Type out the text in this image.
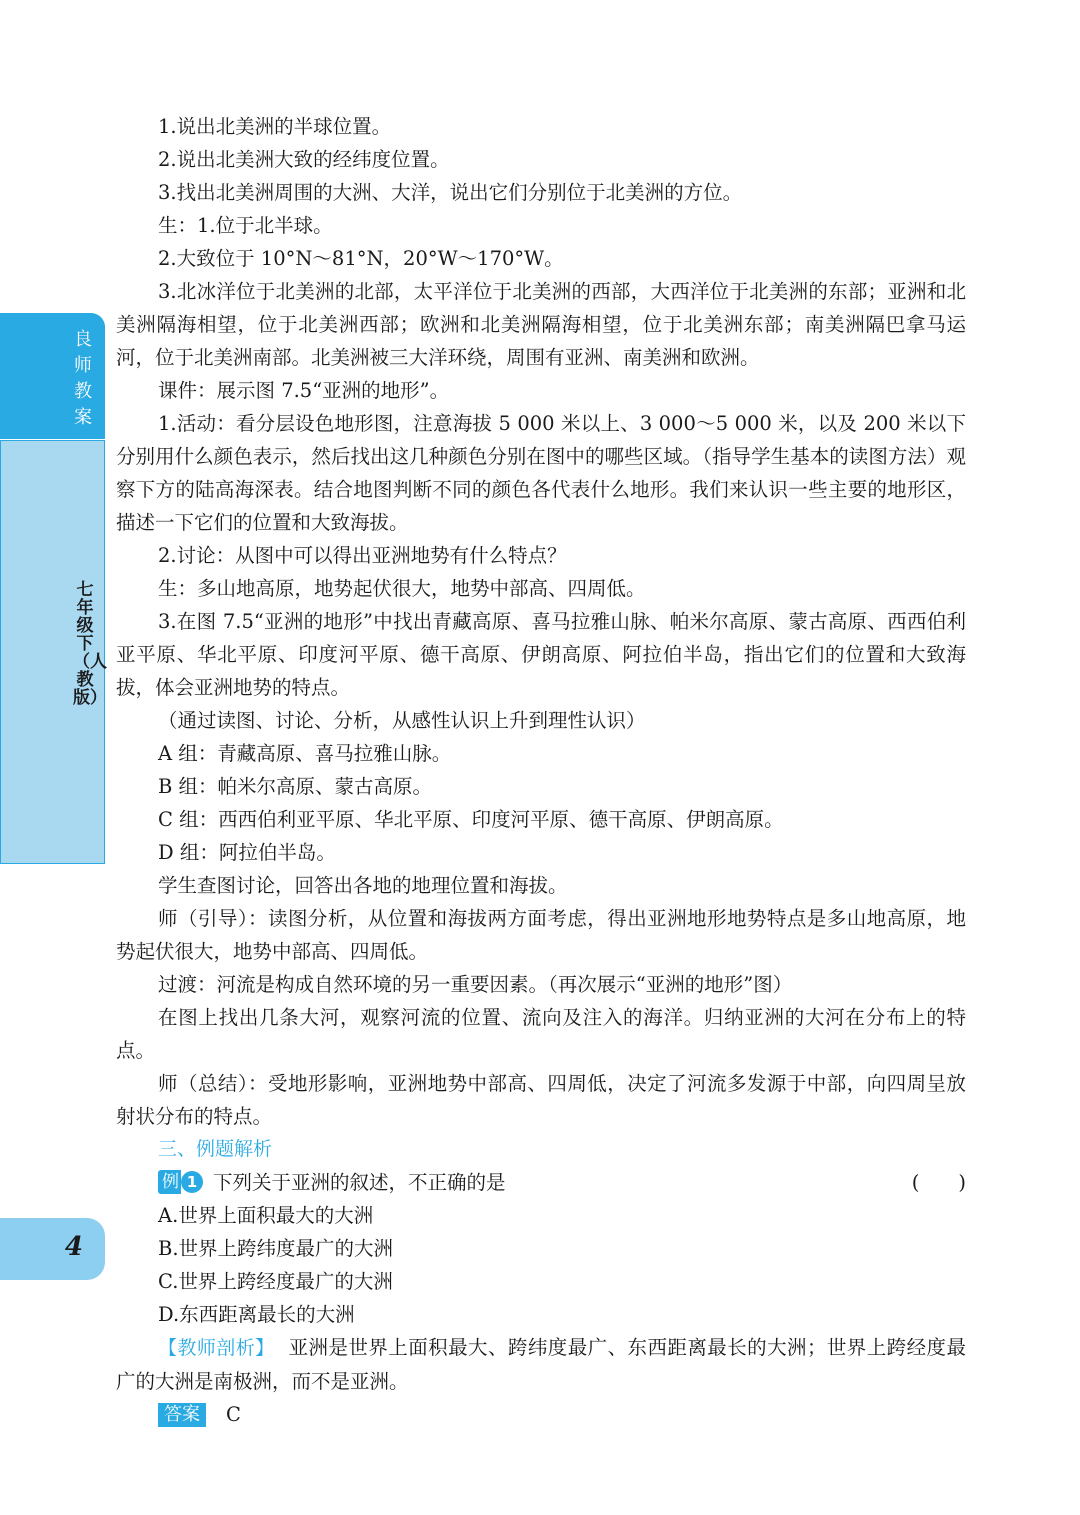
良师教案
七年级下（人教版）
4

1.说出北美洲的半球位置。

2.说出北美洲大致的经纬度位置。

3.找出北美洲周围的大洲、大洋，说出它们分别位于北美洲的方位。

生：1.位于北半球。

2.大致位于 10°N～81°N，20°W～170°W。

3.北冰洋位于北美洲的北部，太平洋位于北美洲的西部，大西洋位于北美洲的东部；亚洲和北美洲隔海相望，位于北美洲西部；欧洲和北美洲隔海相望，位于北美洲东部；南美洲隔巴拿马运河，位于北美洲南部。北美洲被三大洋环绕，周围有亚洲、南美洲和欧洲。

课件：展示图 7.5“亚洲的地形”。

1.活动：看分层设色地形图，注意海拔 5 000 米以上、3 000～5 000 米，以及 200 米以下分别用什么颜色表示，然后找出这几种颜色分别在图中的哪些区域。（指导学生基本的读图方法）观察下方的陆高海深表。结合地图判断不同的颜色各代表什么地形。我们来认识一些主要的地形区，描述一下它们的位置和大致海拔。

2.讨论：从图中可以得出亚洲地势有什么特点？

生：多山地高原，地势起伏很大，地势中部高、四周低。

3.在图 7.5“亚洲的地形”中找出青藏高原、喜马拉雅山脉、帕米尔高原、蒙古高原、西西伯利亚平原、华北平原、印度河平原、德干高原、伊朗高原、阿拉伯半岛，指出它们的位置和大致海拔，体会亚洲地势的特点。

（通过读图、讨论、分析，从感性认识上升到理性认识）

A 组：青藏高原、喜马拉雅山脉。

B 组：帕米尔高原、蒙古高原。

C 组：西西伯利亚平原、华北平原、印度河平原、德干高原、伊朗高原。

D 组：阿拉伯半岛。

学生查图讨论，回答出各地的地理位置和海拔。

师（引导）：读图分析，从位置和海拔两方面考虑，得出亚洲地形地势特点是多山地高原，地势起伏很大，地势中部高、四周低。

过渡：河流是构成自然环境的另一重要因素。（再次展示“亚洲的地形”图）

在图上找出几条大河，观察河流的位置、流向及注入的海洋。归纳亚洲的大河在分布上的特点。

师（总结）：受地形影响，亚洲地势中部高、四周低，决定了河流多发源于中部，向四周呈放射状分布的特点。

三、例题解析

例 1 下列关于亚洲的叙述，不正确的是	(　　)

A.世界上面积最大的大洲

B.世界上跨纬度最广的大洲

C.世界上跨经度最广的大洲

D.东西距离最长的大洲

【教师剖析】 亚洲是世界上面积最大、跨纬度最广、东西距离最长的大洲；世界上跨经度最广的大洲是南极洲，而不是亚洲。

答案 C
